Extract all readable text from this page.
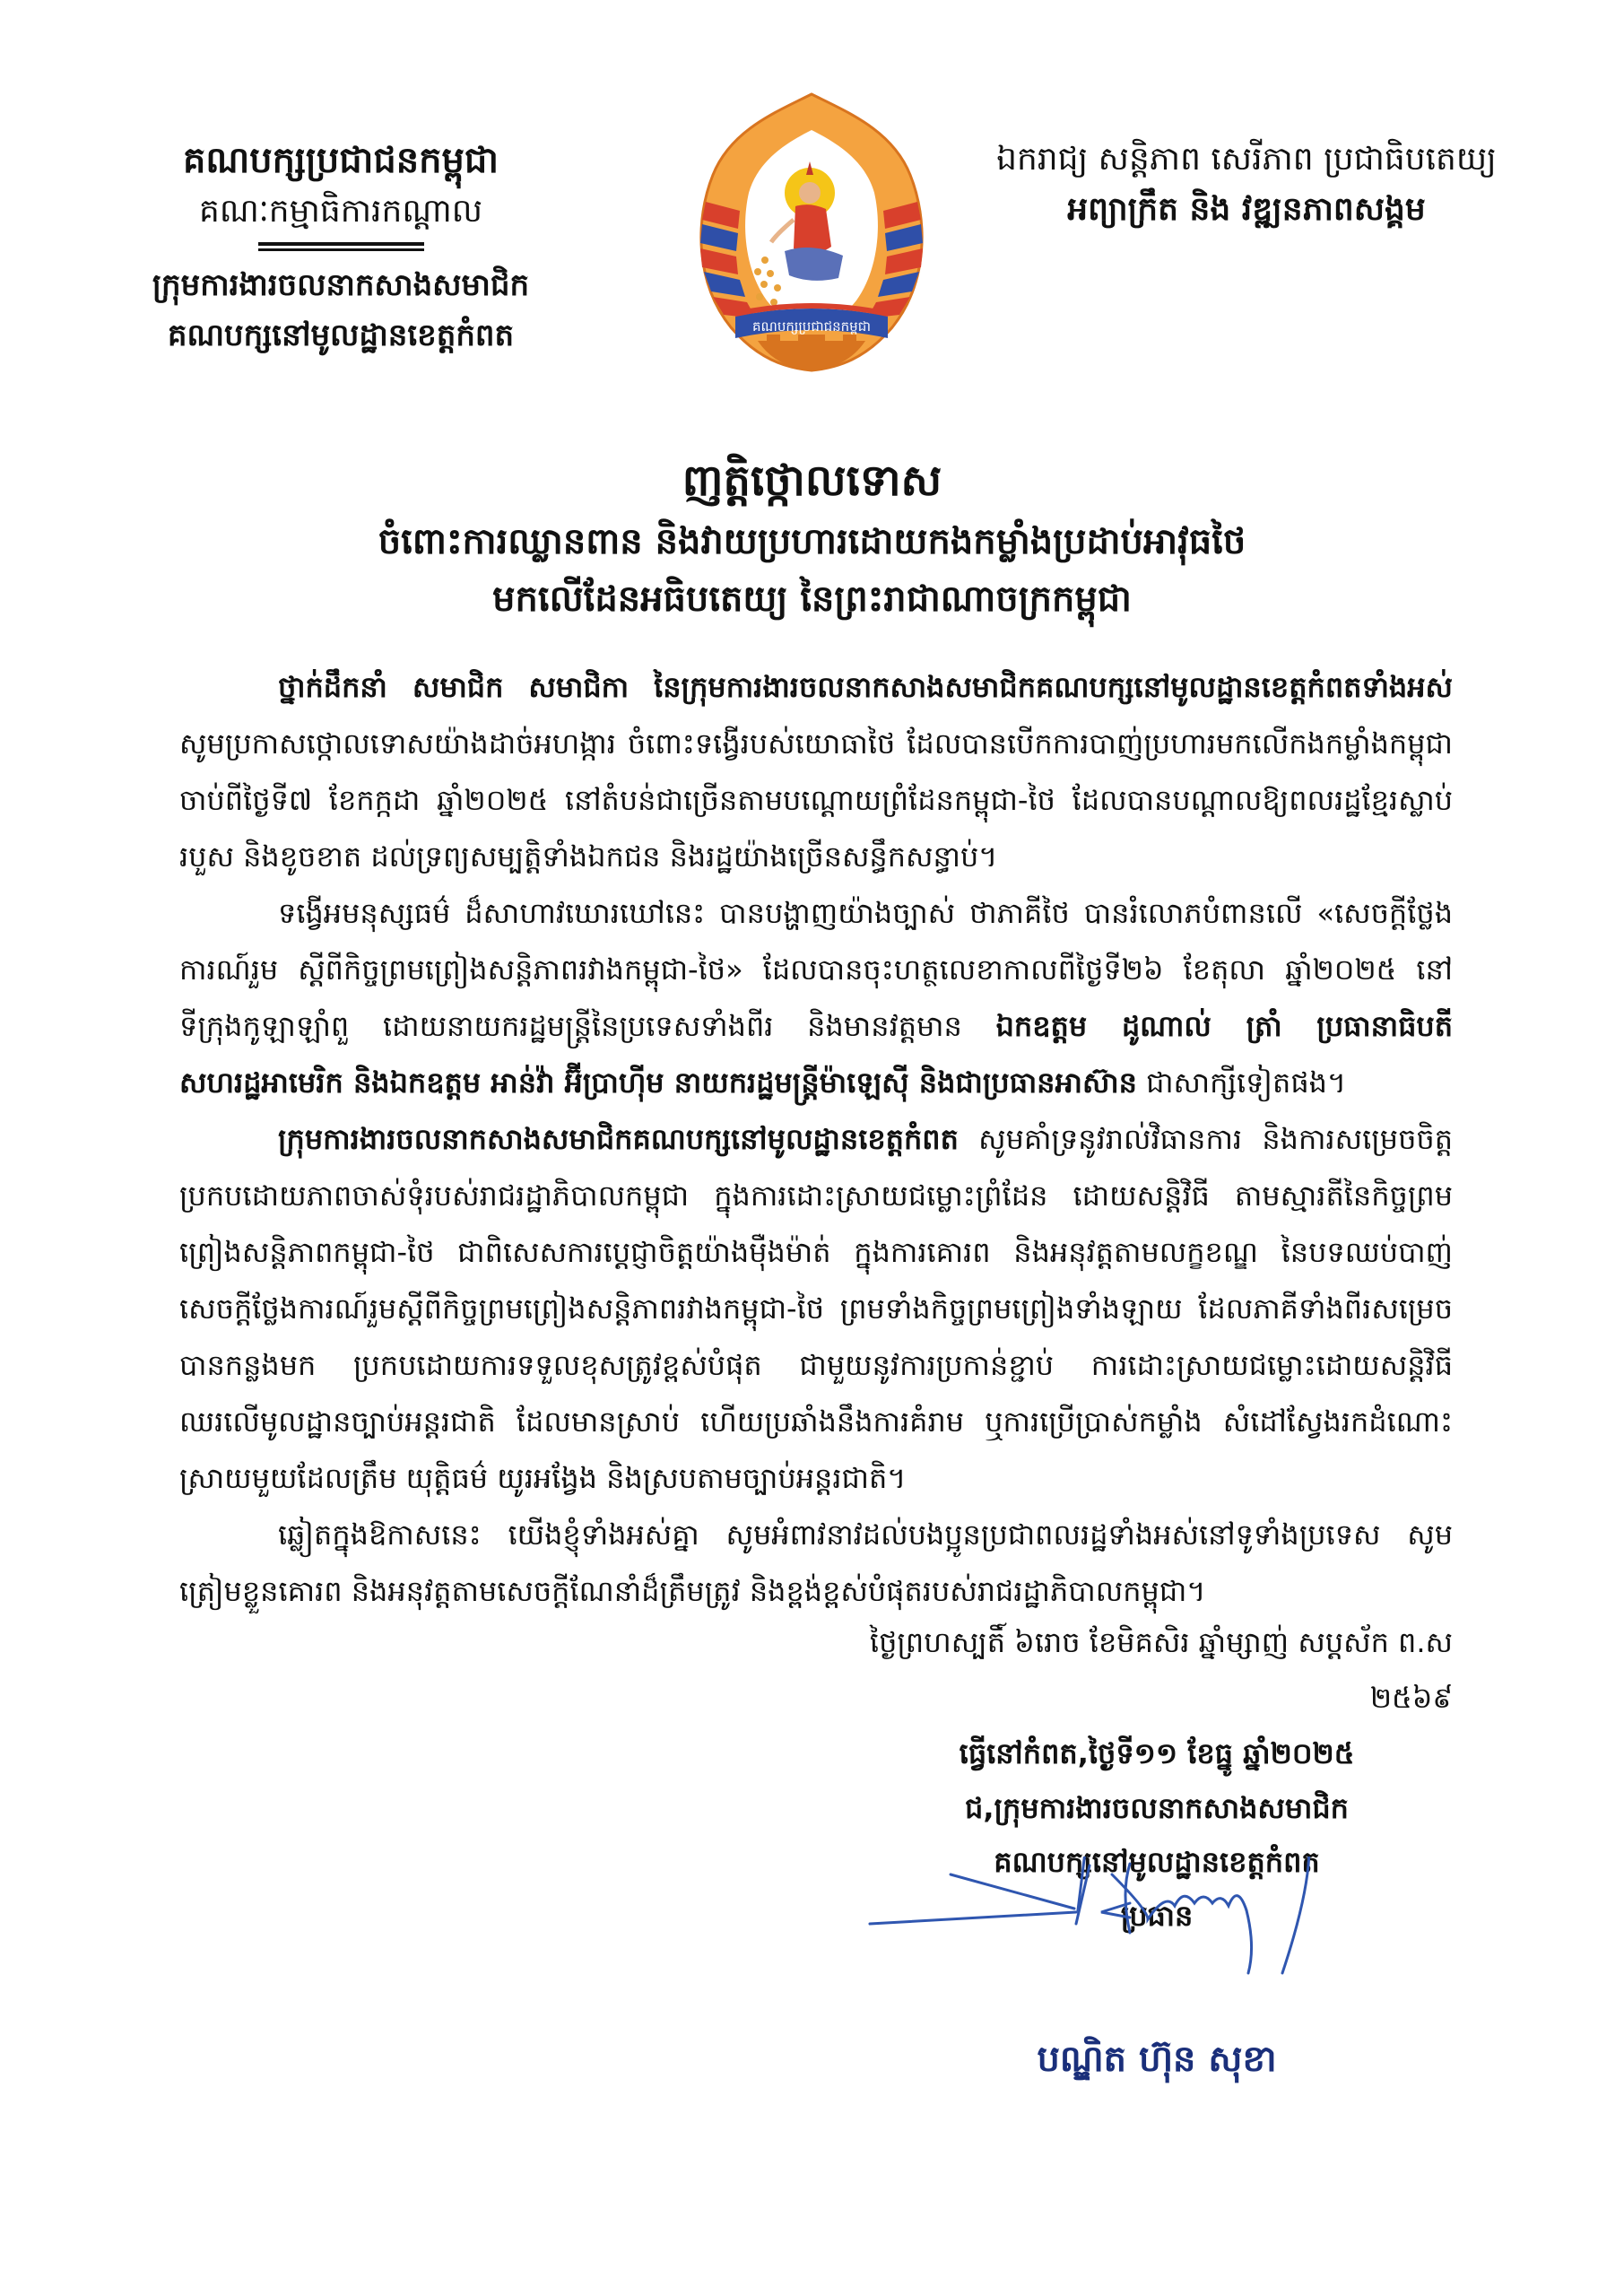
គណបក្សប្រជាជនកម្ពុជា
គណៈកម្មាធិការកណ្តាល
ក្រុមការងារចលនាកសាងសមាជិក
គណបក្សនៅមូលដ្ឋានខេត្តកំពត	គណបក្សប្រជាជនកម្ពុជា
ឯករាជ្យ សន្តិភាព សេរីភាព ប្រជាធិបតេយ្យ
អព្យាក្រឹត និង វឌ្ឍនភាពសង្គម
ញត្តិថ្កោលទោស
ចំពោះការឈ្លានពាន និងវាយប្រហារដោយកងកម្លាំងប្រដាប់អាវុធថៃ
មកលើដែនអធិបតេយ្យ នៃព្រះរាជាណាចក្រកម្ពុជា

ថ្នាក់ដឹកនាំ សមាជិក សមាជិកា នៃក្រុមការងារចលនាកសាងសមាជិកគណបក្សនៅមូលដ្ឋានខេត្តកំពតទាំងអស់ សូមប្រកាសថ្កោលទោសយ៉ាងដាច់អហង្ការ ចំពោះទង្វើរបស់យោធាថៃ ដែលបានបើកការបាញ់ប្រហារមកលើកងកម្លាំងកម្ពុជា ចាប់ពីថ្ងៃទី៧ ខែកក្កដា ឆ្នាំ២០២៥ នៅតំបន់ជាច្រើនតាមបណ្តោយព្រំដែនកម្ពុជា-ថៃ ដែលបានបណ្តាលឱ្យពលរដ្ឋខ្មែរស្លាប់ របួស និងខូចខាត ដល់ទ្រព្យសម្បត្តិទាំងឯកជន និងរដ្ឋយ៉ាងច្រើនសន្ធឹកសន្ធាប់។

ទង្វើអមនុស្សធម៌ ដ៏សាហាវឃោរឃៅនេះ បានបង្ហាញយ៉ាងច្បាស់ ថាភាគីថៃ បានរំលោភបំពានលើ «សេចក្តីថ្លែងការណ៍រួម ស្តីពីកិច្ចព្រមព្រៀងសន្តិភាពរវាងកម្ពុជា-ថៃ» ដែលបានចុះហត្ថលេខាកាលពីថ្ងៃទី២៦ ខែតុលា ឆ្នាំ២០២៥ នៅទីក្រុងកូឡាឡាំពួ ដោយនាយករដ្ឋមន្ត្រីនៃប្រទេសទាំងពីរ និងមានវត្តមាន ឯកឧត្តម ដូណាល់ ត្រាំ ប្រធានាធិបតីសហរដ្ឋអាមេរិក និងឯកឧត្តម អាន់វ៉ា អ៊ីប្រាហ៊ីម នាយករដ្ឋមន្ត្រីម៉ាឡេស៊ី និងជាប្រធានអាស៊ាន ជាសាក្សីទៀតផង។

ក្រុមការងារចលនាកសាងសមាជិកគណបក្សនៅមូលដ្ឋានខេត្តកំពត សូមគាំទ្រនូវរាល់វិធានការ និងការសម្រេចចិត្ត ប្រកបដោយភាពចាស់ទុំរបស់រាជរដ្ឋាភិបាលកម្ពុជា ក្នុងការដោះស្រាយជម្លោះព្រំដែន ដោយសន្តិវិធី តាមស្មារតីនៃកិច្ចព្រមព្រៀងសន្តិភាពកម្ពុជា-ថៃ ជាពិសេសការប្តេជ្ញាចិត្តយ៉ាងម៉ឺងម៉ាត់ ក្នុងការគោរព និងអនុវត្តតាមលក្ខខណ្ឌ នៃបទឈប់បាញ់ សេចក្តីថ្លែងការណ៍រួមស្តីពីកិច្ចព្រមព្រៀងសន្តិភាពរវាងកម្ពុជា-ថៃ ព្រមទាំងកិច្ចព្រមព្រៀងទាំងឡាយ ដែលភាគីទាំងពីរសម្រេចបានកន្លងមក ប្រកបដោយការទទួលខុសត្រូវខ្ពស់បំផុត ជាមួយនូវការប្រកាន់ខ្ជាប់ ការដោះស្រាយជម្លោះដោយសន្តិវិធី ឈរលើមូលដ្ឋានច្បាប់អន្តរជាតិ ដែលមានស្រាប់ ហើយប្រឆាំងនឹងការគំរាម ឬការប្រើប្រាស់កម្លាំង សំដៅស្វែងរកដំណោះស្រាយមួយដែលត្រឹម យុត្តិធម៌ យូរអង្វែង និងស្របតាមច្បាប់អន្តរជាតិ។

ឆ្លៀតក្នុងឱកាសនេះ យើងខ្ញុំទាំងអស់គ្នា សូមអំពាវនាវដល់បងប្អូនប្រជាពលរដ្ឋទាំងអស់នៅទូទាំងប្រទេស សូមត្រៀមខ្លួនគោរព និងអនុវត្តតាមសេចក្តីណែនាំដ៏ត្រឹមត្រូវ និងខ្ពង់ខ្ពស់បំផុតរបស់រាជរដ្ឋាភិបាលកម្ពុជា។

ថ្ងៃព្រហស្បតិ៍ ៦រោច ខែមិគសិរ ឆ្នាំម្សាញ់ សប្តស័ក ព.ស ២៥៦៩
ធ្វើនៅកំពត,ថ្ងៃទី១១ ខែធ្នូ ឆ្នាំ២០២៥
ជ,ក្រុមការងារចលនាកសាងសមាជិក
គណបក្សនៅមូលដ្ឋានខេត្តកំពត
ប្រធាន
បណ្ឌិត ហ៊ុន សុខា
